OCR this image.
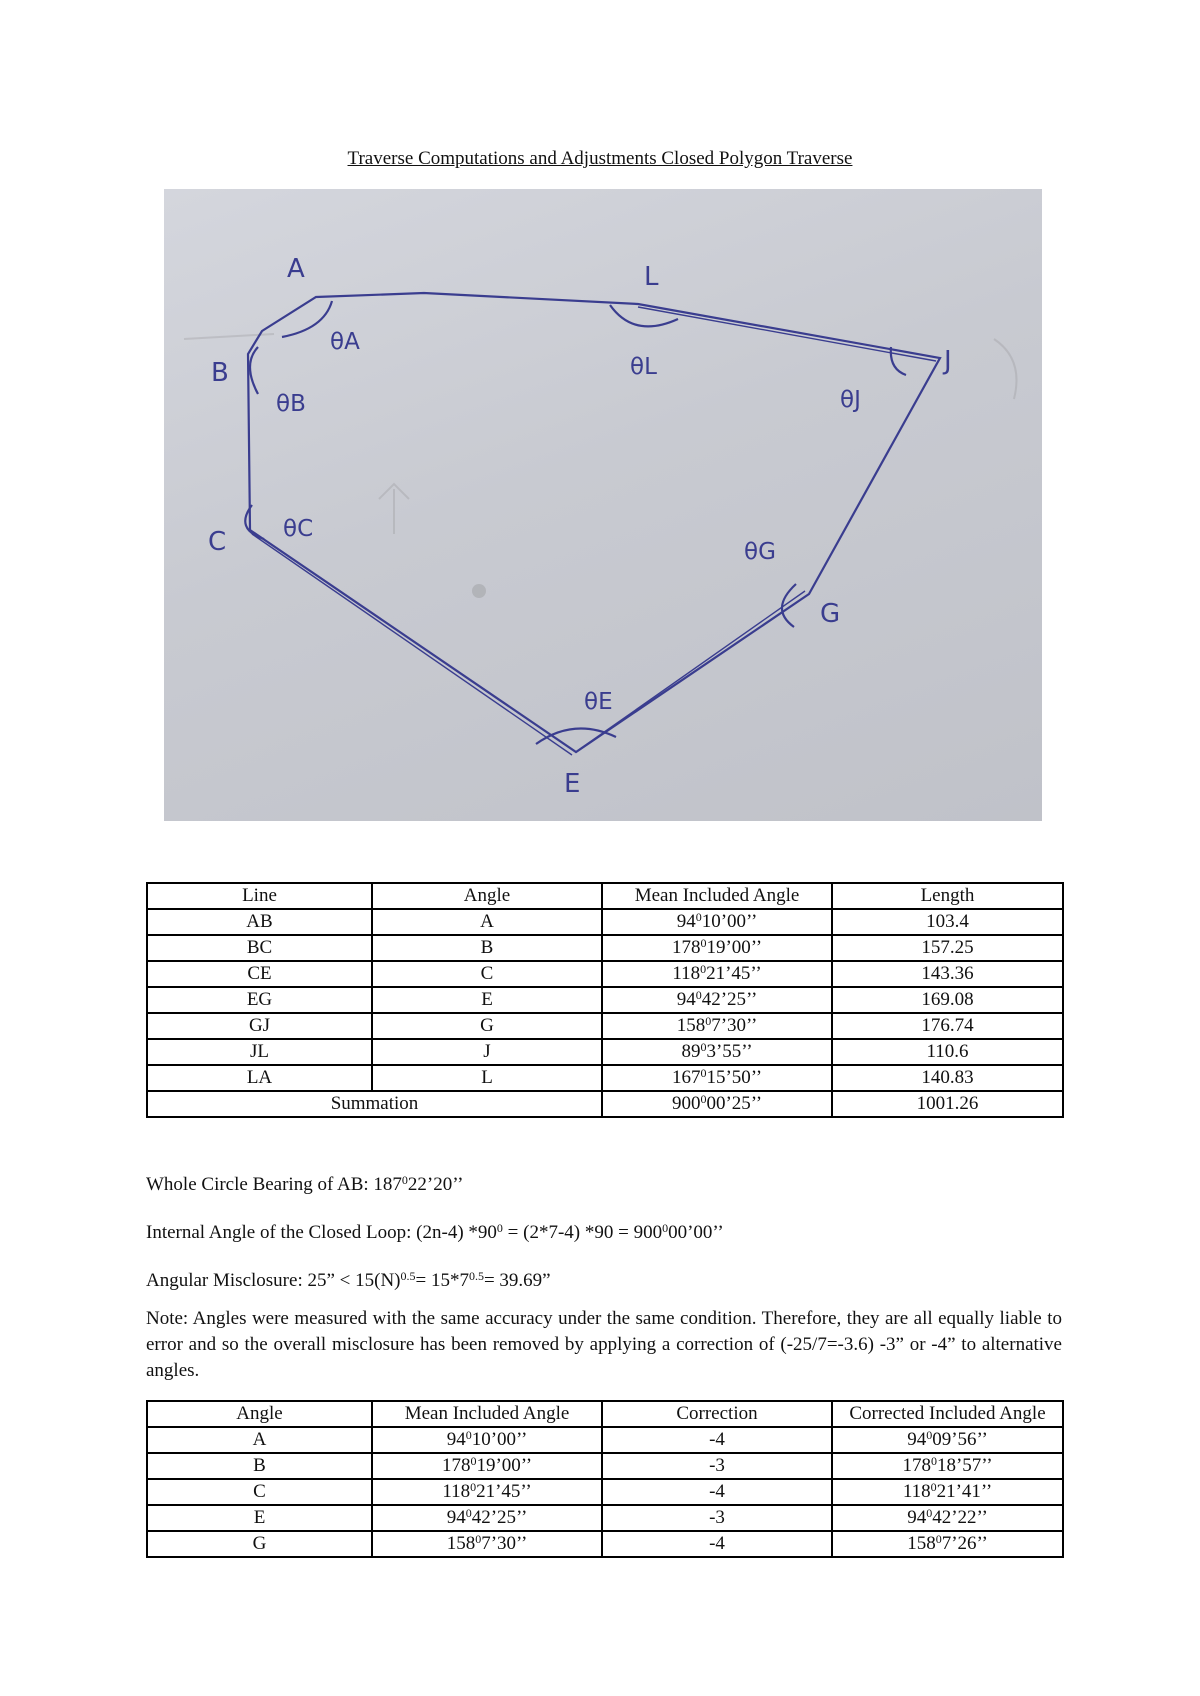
Traverse Computations and Adjustments Closed Polygon Traverse
A
B
C
E
G
J
L
θA
θB
θC
θE
θG
θJ
θL
Line	Angle	Mean Included Angle	Length
AB	A	$94^010’00$’’	103.4
BC	B	$178^019’00$’’	157.25
CE	C	$118^021’45$’’	143.36
EG	E	$94^042’25$’’	169.08
GJ	G	$158^07’30$’’	176.74
JL	J	$89^03’55$’’	110.6
LA	L	$167^015’50$’’	140.83
Summation		$900^000’25$’’	1001.26
Whole Circle Bearing of AB: $187^022’20$’’
Internal Angle of the Closed Loop: (2n-4) $*90^0 = (2*7-4) *90$ = $900^000’00$’’
Angular Misclosure: 25” < $15(N)^{0.5}= 15*7^{0.5}= 39.69$”
Note: Angles were measured with the same accuracy under the same condition. Therefore, they are all equally liable to error and so the overall misclosure has been removed by applying a correction of (-25/7=-3.6) -3” or -4” to alternative angles.
Angle	Mean Included Angle	Correction	Corrected Included Angle
A	$94^010’00$’’	-4	$94^009’56$’’
B	$178^019’00$’’	-3	$178^018’57$’’
C	$118^021’45$’’	-4	$118^021’41$’’
E	$94^042’25$’’	-3	$94^042’22$’’
G	$158^07’30$’’	-4	$158^07’26$’’
